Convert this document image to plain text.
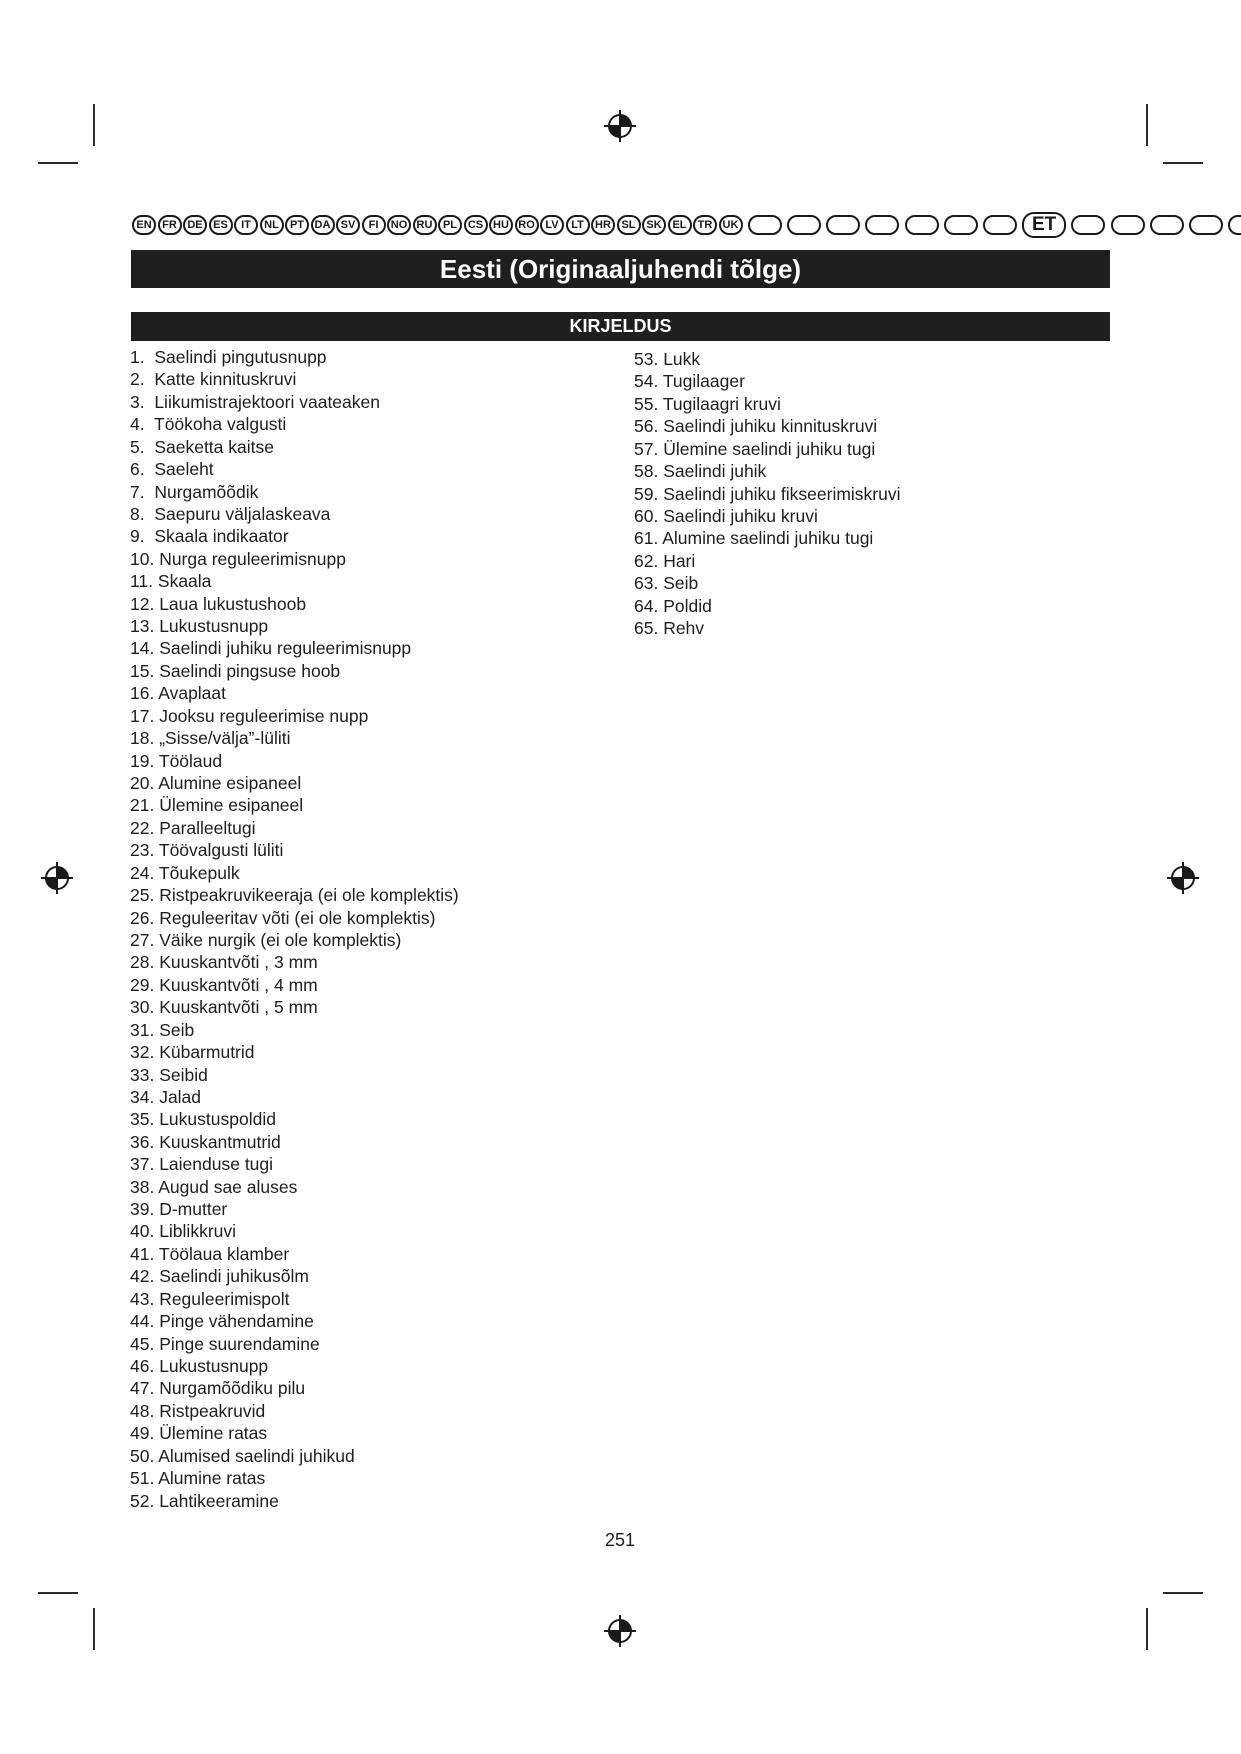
EN FR DE ES	IT	NL	PT DA SV	FI	NO RU PL CS HU RO LV	LT	HR SL SK EL	TR UK	ET
Eesti (Originaaljuhendi tõlge)
KIRJELDUS
1.  Saelindi pingutusnupp
2.  Katte kinnituskruvi
3.  Liikumistrajektoori vaateaken
4.  Töökoha valgusti
5.  Saeketta kaitse
6.  Saeleht
7.  Nurgamõõdik
8.  Saepuru väljalaskeava
9.  Skaala indikaator
10. Nurga reguleerimisnupp
11. Skaala
12. Laua lukustushoob
13. Lukustusnupp
14. Saelindi juhiku reguleerimisnupp
15. Saelindi pingsuse hoob
16. Avaplaat
17. Jooksu reguleerimise nupp
18. „Sisse/välja”-lüliti
19. Töölaud
20. Alumine esipaneel
21. Ülemine esipaneel
22. Paralleeltugi
23. Töövalgusti lüliti
24. Tõukepulk
25. Ristpeakruvikeeraja (ei ole komplektis)
26. Reguleeritav võti (ei ole komplektis)
27. Väike nurgik (ei ole komplektis)
28. Kuuskantvõti , 3 mm
29. Kuuskantvõti , 4 mm
30. Kuuskantvõti , 5 mm
31. Seib
32. Kübarmutrid
33. Seibid
34. Jalad
35. Lukustuspoldid
36. Kuuskantmutrid
37. Laienduse tugi
38. Augud sae aluses
39. D-mutter
40. Liblikkruvi
41. Töölaua klamber
42. Saelindi juhikusõlm
43. Reguleerimispolt
44. Pinge vähendamine
45. Pinge suurendamine
46. Lukustusnupp
47. Nurgamõõdiku pilu
48. Ristpeakruvid
49. Ülemine ratas
50. Alumised saelindi juhikud
51. Alumine ratas
52. Lahtikeeramine
53. Lukk
54. Tugilaager
55. Tugilaagri kruvi
56. Saelindi juhiku kinnituskruvi
57. Ülemine saelindi juhiku tugi
58. Saelindi juhik
59. Saelindi juhiku fikseerimiskruvi
60. Saelindi juhiku kruvi
61. Alumine saelindi juhiku tugi
62. Hari
63. Seib
64. Poldid
65. Rehv
251
